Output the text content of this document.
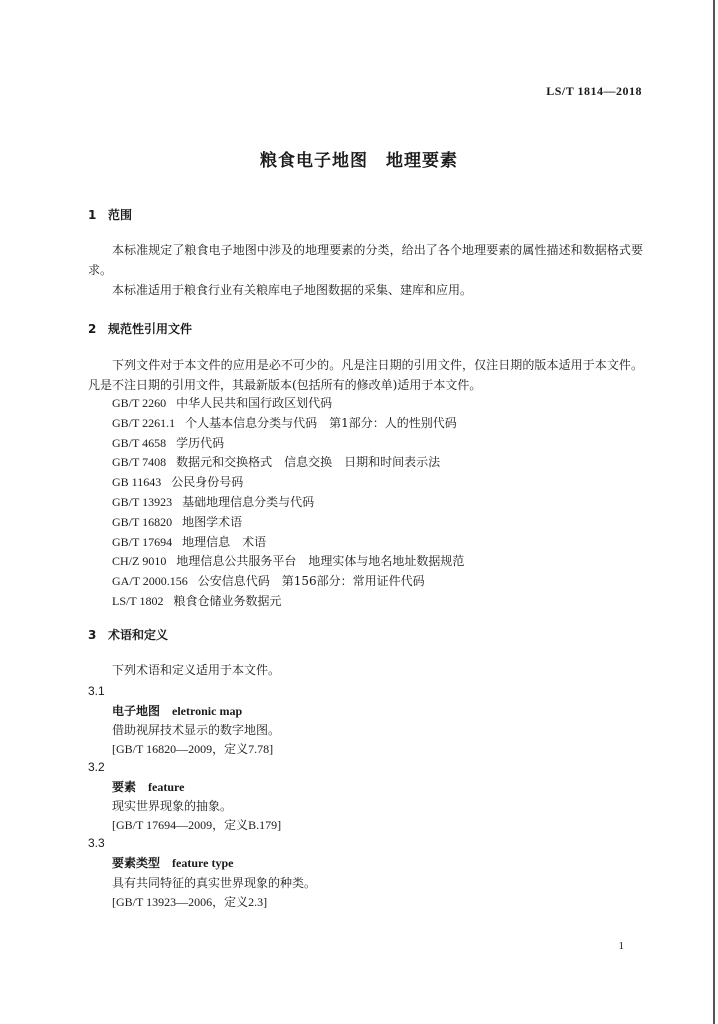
LS/T 1814—2018
粮食电子地图　地理要素
1 范围

本标准规定了粮食电子地图中涉及的地理要素的分类，给出了各个地理要素的属性描述和数据格式要求。

本标准适用于粮食行业有关粮库电子地图数据的采集、建库和应用。

2 规范性引用文件

下列文件对于本文件的应用是必不可少的。凡是注日期的引用文件，仅注日期的版本适用于本文件。凡是不注日期的引用文件，其最新版本(包括所有的修改单)适用于本文件。

GB/T 2260 中华人民共和国行政区划代码
GB/T 2261.1 个人基本信息分类与代码　第1部分：人的性别代码
GB/T 4658 学历代码
GB/T 7408 数据元和交换格式　信息交换　日期和时间表示法
GB 11643 公民身份号码
GB/T 13923 基础地理信息分类与代码
GB/T 16820 地图学术语
GB/T 17694 地理信息　术语
CH/Z 9010 地理信息公共服务平台　地理实体与地名地址数据规范
GA/T 2000.156 公安信息代码　第156部分：常用证件代码
LS/T 1802 粮食仓储业务数据元
3 术语和定义

下列术语和定义适用于本文件。

3.1
电子地图 eletronic map
借助视屏技术显示的数字地图。
[GB/T 16820—2009，定义7.78]
3.2
要素 feature
现实世界现象的抽象。
[GB/T 17694—2009，定义B.179]
3.3
要素类型 feature type
具有共同特征的真实世界现象的种类。
[GB/T 13923—2006，定义2.3]
1
